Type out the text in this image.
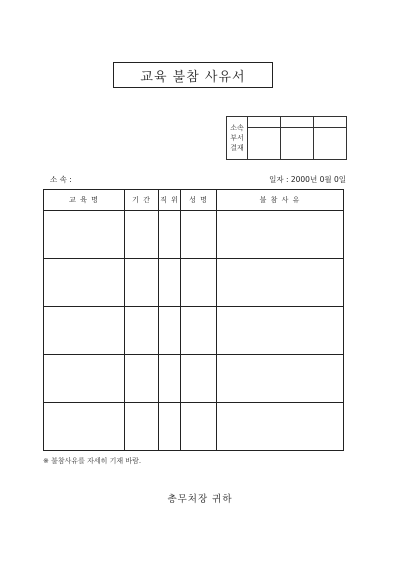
교육 불참 사유서
소속
부서
결재			

소 속 :	일자 : 2000년 0월 0일
교 육 명	기 간	직 위	성 명	불 참 사 유

※ 불참사유를 자세히 기재 바람.
총무처장 귀하
